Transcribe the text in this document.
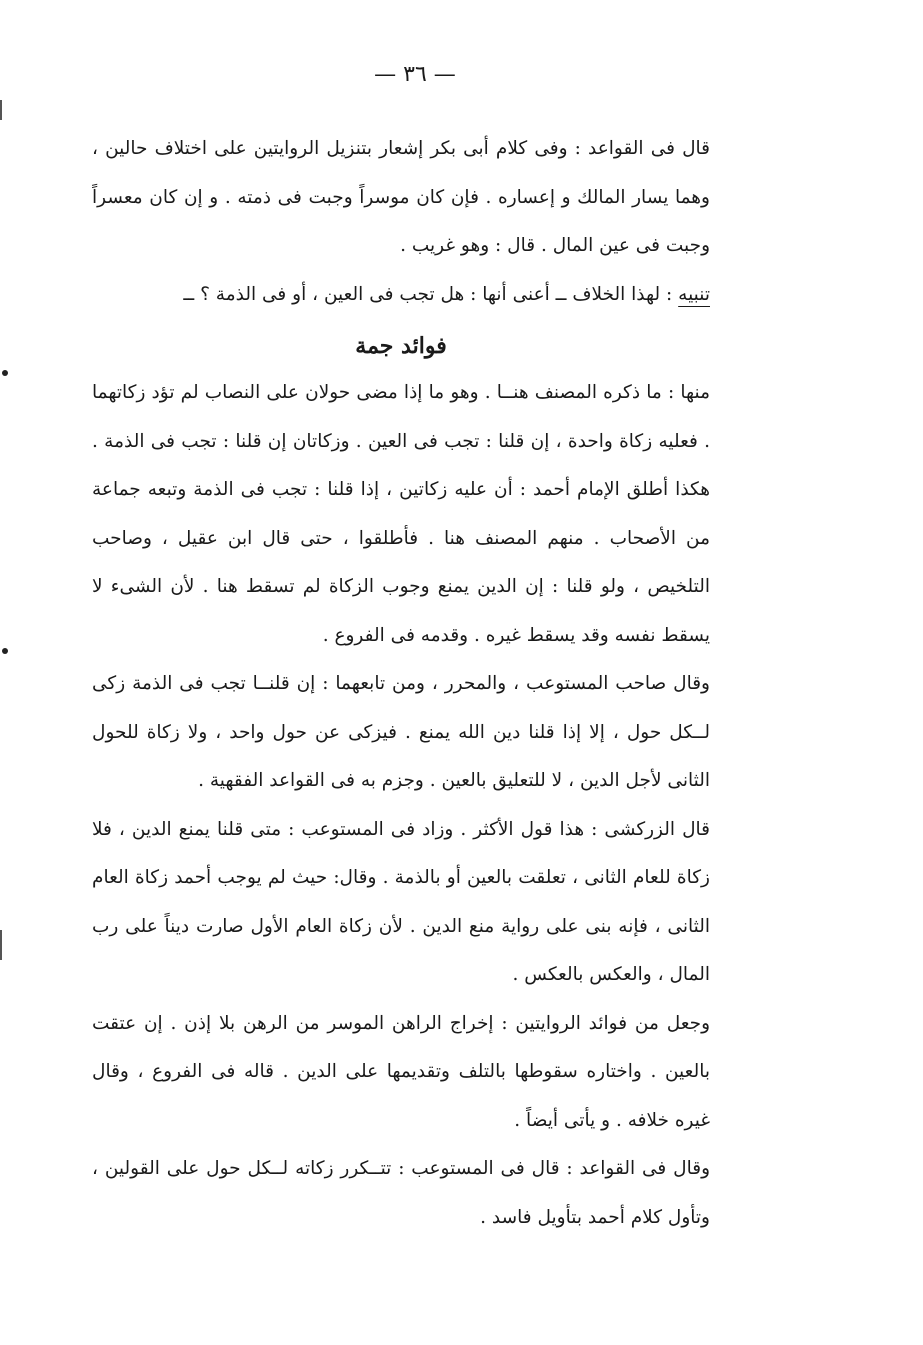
— ٣٦ —

قال فى القواعد : وفى كلام أبى بكر إشعار بتنزيل الروايتين على اختلاف حالين ، وهما يسار المالك و إعساره . فإن كان موسراً وجبت فى ذمته . و إن كان معسراً وجبت فى عين المال . قال : وهو غريب .

تنبيه : لهذا الخلاف ــ أعنى أنها : هل تجب فى العين ، أو فى الذمة ؟ ــ

فوائد جمة

منها : ما ذكره المصنف هنــا . وهو ما إذا مضى حولان على النصاب لم تؤد زكاتهما . فعليه زكاة واحدة ، إن قلنا : تجب فى العين . وزكاتان إن قلنا : تجب فى الذمة . هكذا أطلق الإمام أحمد : أن عليه زكاتين ، إذا قلنا : تجب فى الذمة وتبعه جماعة من الأصحاب . منهم المصنف هنا . فأطلقوا ، حتى قال ابن عقيل ، وصاحب التلخيص ، ولو قلنا : إن الدين يمنع وجوب الزكاة لم تسقط هنا . لأن الشىء لا يسقط نفسه وقد يسقط غيره . وقدمه فى الفروع .

وقال صاحب المستوعب ، والمحرر ، ومن تابعهما : إن قلنــا تجب فى الذمة زكى لــكل حول ، إلا إذا قلنا دين الله يمنع . فيزكى عن حول واحد ، ولا زكاة للحول الثانى لأجل الدين ، لا للتعليق بالعين . وجزم به فى القواعد الفقهية .

قال الزركشى : هذا قول الأكثر . وزاد فى المستوعب : متى قلنا يمنع الدين ، فلا زكاة للعام الثانى ، تعلقت بالعين أو بالذمة . وقال: حيث لم يوجب أحمد زكاة العام الثانى ، فإنه بنى على رواية منع الدين . لأن زكاة العام الأول صارت ديناً على رب المال ، والعكس بالعكس .

وجعل من فوائد الروايتين : إخراج الراهن الموسر من الرهن بلا إذن . إن عتقت بالعين . واختاره سقوطها بالتلف وتقديمها على الدين . قاله فى الفروع ، وقال غيره خلافه . و يأتى أيضاً .

وقال فى القواعد : قال فى المستوعب : تتــكرر زكاته لــكل حول على القولين ، وتأول كلام أحمد بتأويل فاسد .
